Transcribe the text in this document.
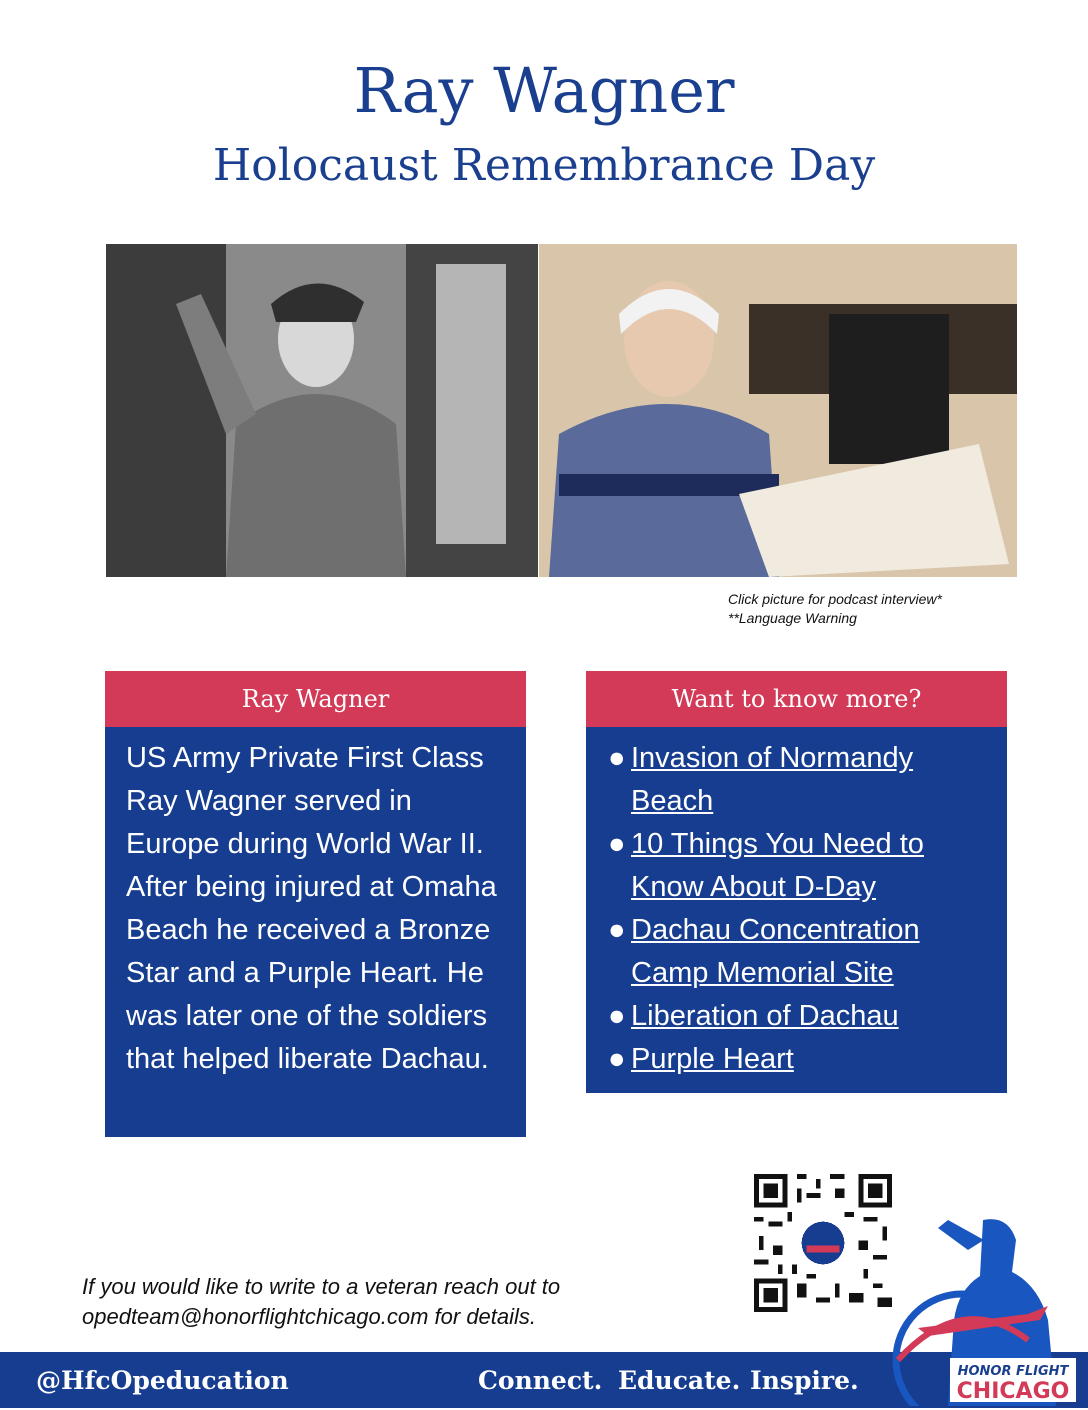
Ray Wagner
Holocaust Remembrance Day
Click picture for podcast interview*
**Language Warning
Ray Wagner
US Army Private First Class Ray Wagner served in Europe during World War II. After being injured at Omaha Beach he received a Bronze Star and a Purple Heart. He was later one of the soldiers that helped liberate Dachau.
Want to know more?
● Invasion of Normandy Beach
● 10 Things You Need to Know About D-Day
● Dachau Concentration Camp Memorial Site
● Liberation of Dachau
● Purple Heart
If you would like to write to a veteran reach out to
opedteam@honorflightchicago.com for details.
@HfcOpeducation	Connect. Educate. Inspire.	HONOR FLIGHT
CHICAGO
